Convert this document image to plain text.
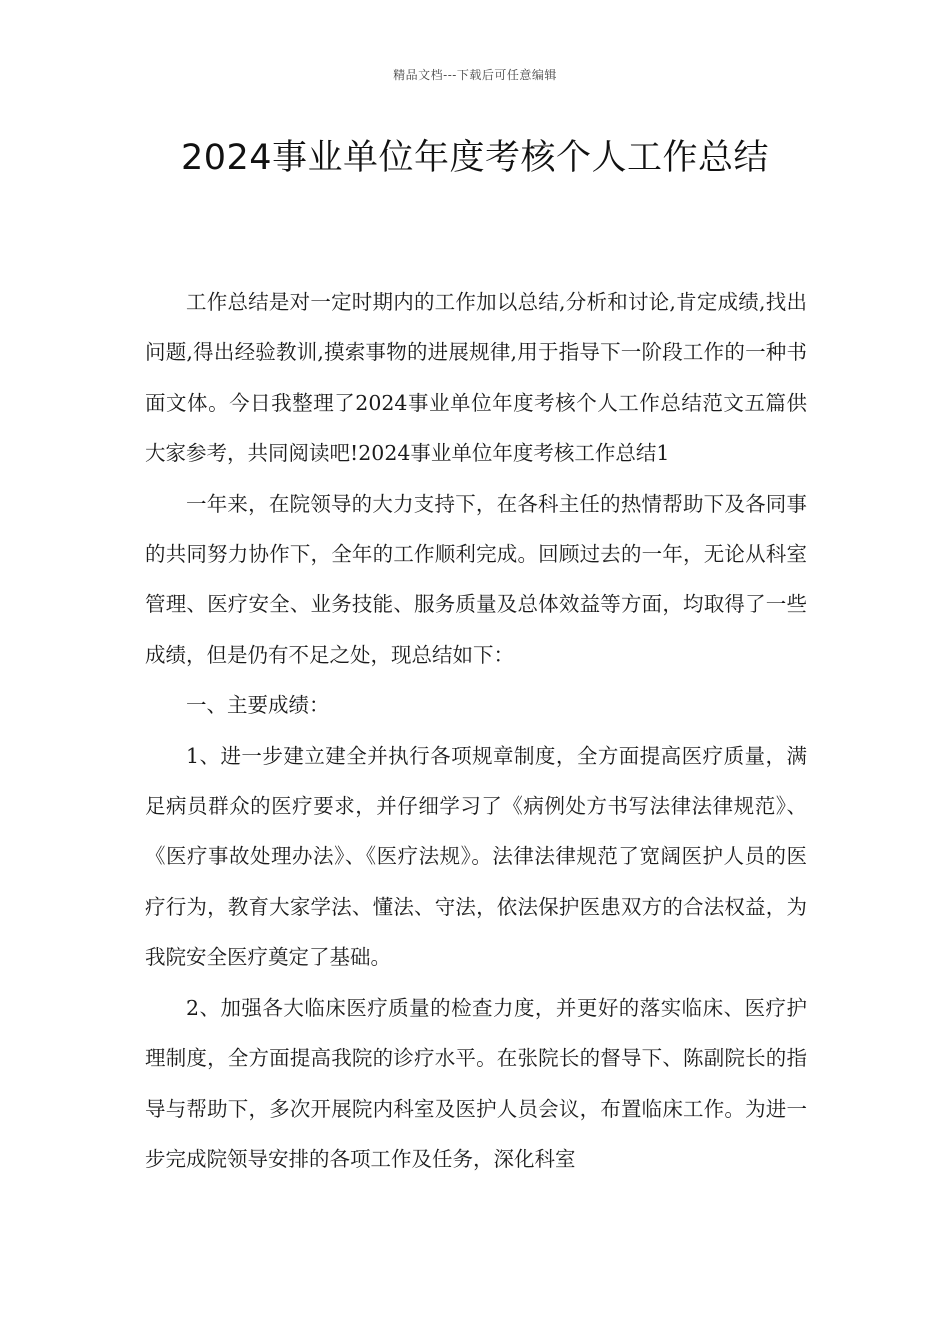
精品文档---下载后可任意编辑
2024事业单位年度考核个人工作总结

工作总结是对一定时期内的工作加以总结,分析和讨论,肯定成绩,找出问题,得出经验教训,摸索事物的进展规律,用于指导下一阶段工作的一种书面文体。今日我整理了2024事业单位年度考核个人工作总结范文五篇供大家参考，共同阅读吧!2024事业单位年度考核工作总结1

一年来，在院领导的大力支持下，在各科主任的热情帮助下及各同事的共同努力协作下，全年的工作顺利完成。回顾过去的一年，无论从科室管理、医疗安全、业务技能、服务质量及总体效益等方面，均取得了一些成绩，但是仍有不足之处，现总结如下：

一、主要成绩：

1、进一步建立建全并执行各项规章制度，全方面提高医疗质量，满足病员群众的医疗要求，并仔细学习了《病例处方书写法律法律规范》、《医疗事故处理办法》、《医疗法规》。法律法律规范了宽阔医护人员的医疗行为，教育大家学法、懂法、守法，依法保护医患双方的合法权益，为我院安全医疗奠定了基础。

2、加强各大临床医疗质量的检查力度，并更好的落实临床、医疗护理制度，全方面提高我院的诊疗水平。在张院长的督导下、陈副院长的指导与帮助下，多次开展院内科室及医护人员会议，布置临床工作。为进一步完成院领导安排的各项工作及任务，深化科室
